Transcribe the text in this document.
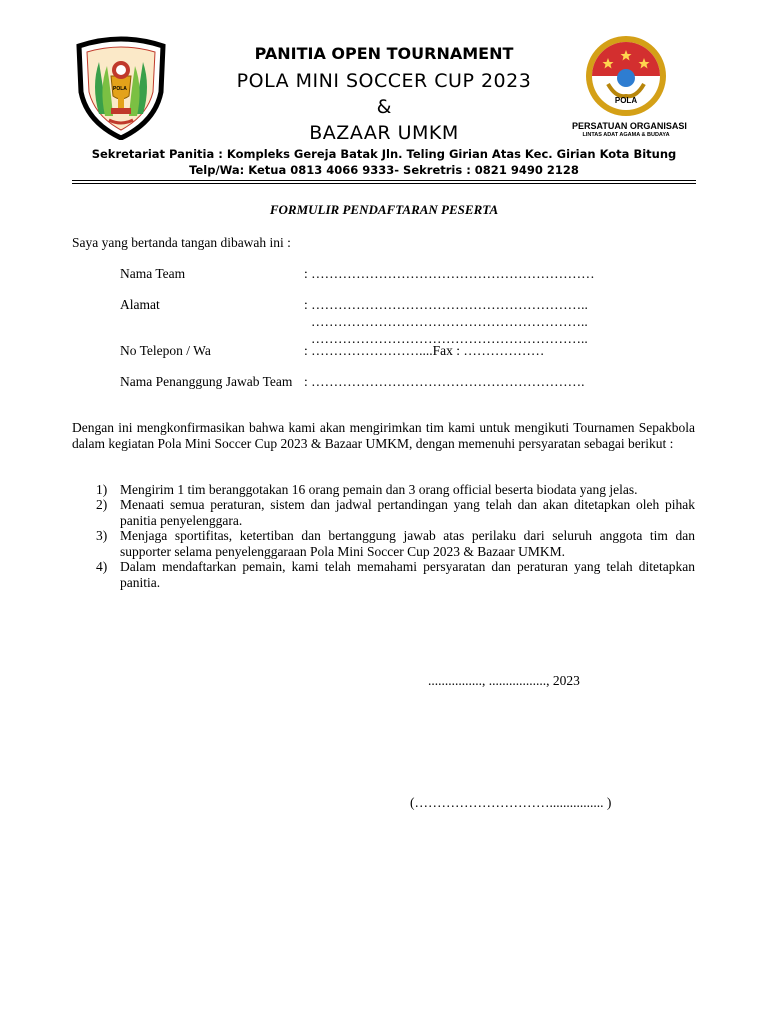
POLA
POLA
PERSATUAN ORGANISASI
LINTAS ADAT AGAMA & BUDAYA
PANITIA OPEN TOURNAMENT
POLA MINI SOCCER CUP 2023
&
BAZAAR UMKM
Sekretariat Panitia : Kompleks Gereja Batak Jln. Teling Girian Atas Kec. Girian Kota Bitung
Telp/Wa: Ketua 0813 4066 9333- Sekretris : 0821 9490 2128
FORMULIR PENDAFTARAN PESERTA
Saya yang bertanda tangan dibawah ini :
Nama Team	: ………………………………………………………
Alamat	: ……………………………………………………..
……………………………………………………..
……………………………………………………..
No Telepon / Wa	: ……………………....Fax : ………………
Nama Penanggung Jawab Team : …………………………………………………….
Dengan ini mengkonfirmasikan bahwa kami akan mengirimkan tim kami untuk mengikuti Tournamen Sepakbola dalam kegiatan Pola Mini Soccer Cup 2023 & Bazaar UMKM, dengan memenuhi persyaratan sebagai berikut :
1) Mengirim 1 tim beranggotakan 16 orang pemain dan 3 orang official beserta biodata yang jelas.
2) Menaati semua peraturan, sistem dan jadwal pertandingan yang telah dan akan ditetapkan oleh pihak panitia penyelenggara.
3) Menjaga sportifitas, ketertiban dan bertanggung jawab atas perilaku dari seluruh anggota tim dan supporter selama penyelenggaraan Pola Mini Soccer Cup 2023 & Bazaar UMKM.
4) Dalam mendaftarkan pemain, kami telah memahami persyaratan dan peraturan yang telah ditetapkan panitia.
................, ................., 2023
(…………………………................ )
